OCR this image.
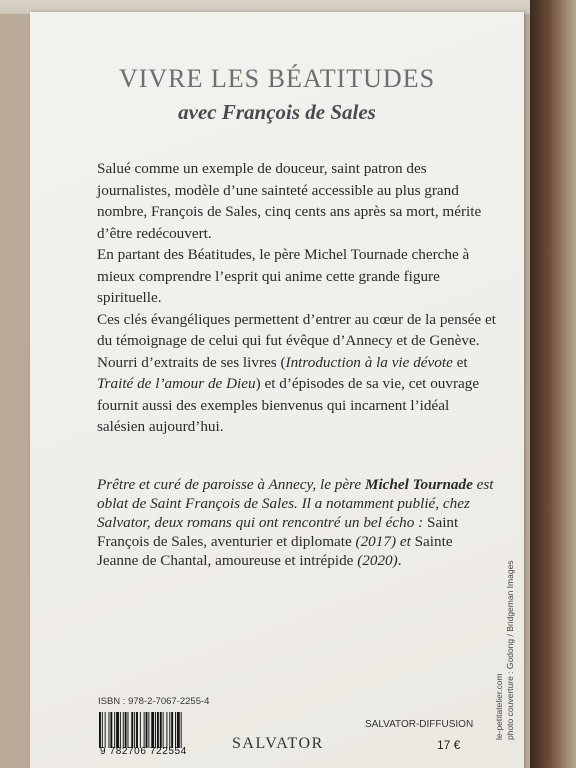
VIVRE LES BÉATITUDES
avec François de Sales

Salué comme un exemple de douceur, saint patron des journalistes, modèle d’une sainteté accessible au plus grand nombre, François de Sales, cinq cents ans après sa mort, mérite d’être redécouvert.

En partant des Béatitudes, le père Michel Tournade cherche à mieux comprendre l’esprit qui anime cette grande figure spirituelle.

Ces clés évangéliques permettent d’entrer au cœur de la pensée et du témoignage de celui qui fut évêque d’Annecy et de Genève.

Nourri d’extraits de ses livres (Introduction à la vie dévote et Traité de l’amour de Dieu) et d’épisodes de sa vie, cet ouvrage fournit aussi des exemples bienvenus qui incarnent l’idéal salésien aujourd’hui.

Prêtre et curé de paroisse à Annecy, le père Michel Tournade est oblat de Saint François de Sales. Il a notamment publié, chez Salvator, deux romans qui ont rencontré un bel écho : Saint François de Sales, aventurier et diplomate (2017) et Sainte Jeanne de Chantal, amoureuse et intrépide (2020).

ISBN : 978-2-7067-2255-4
9 782706 722554	SALVATOR
SALVATOR-DIFFUSION
17 €
le-petitatelier.com photo couverture : Godong / Bridgeman Images
